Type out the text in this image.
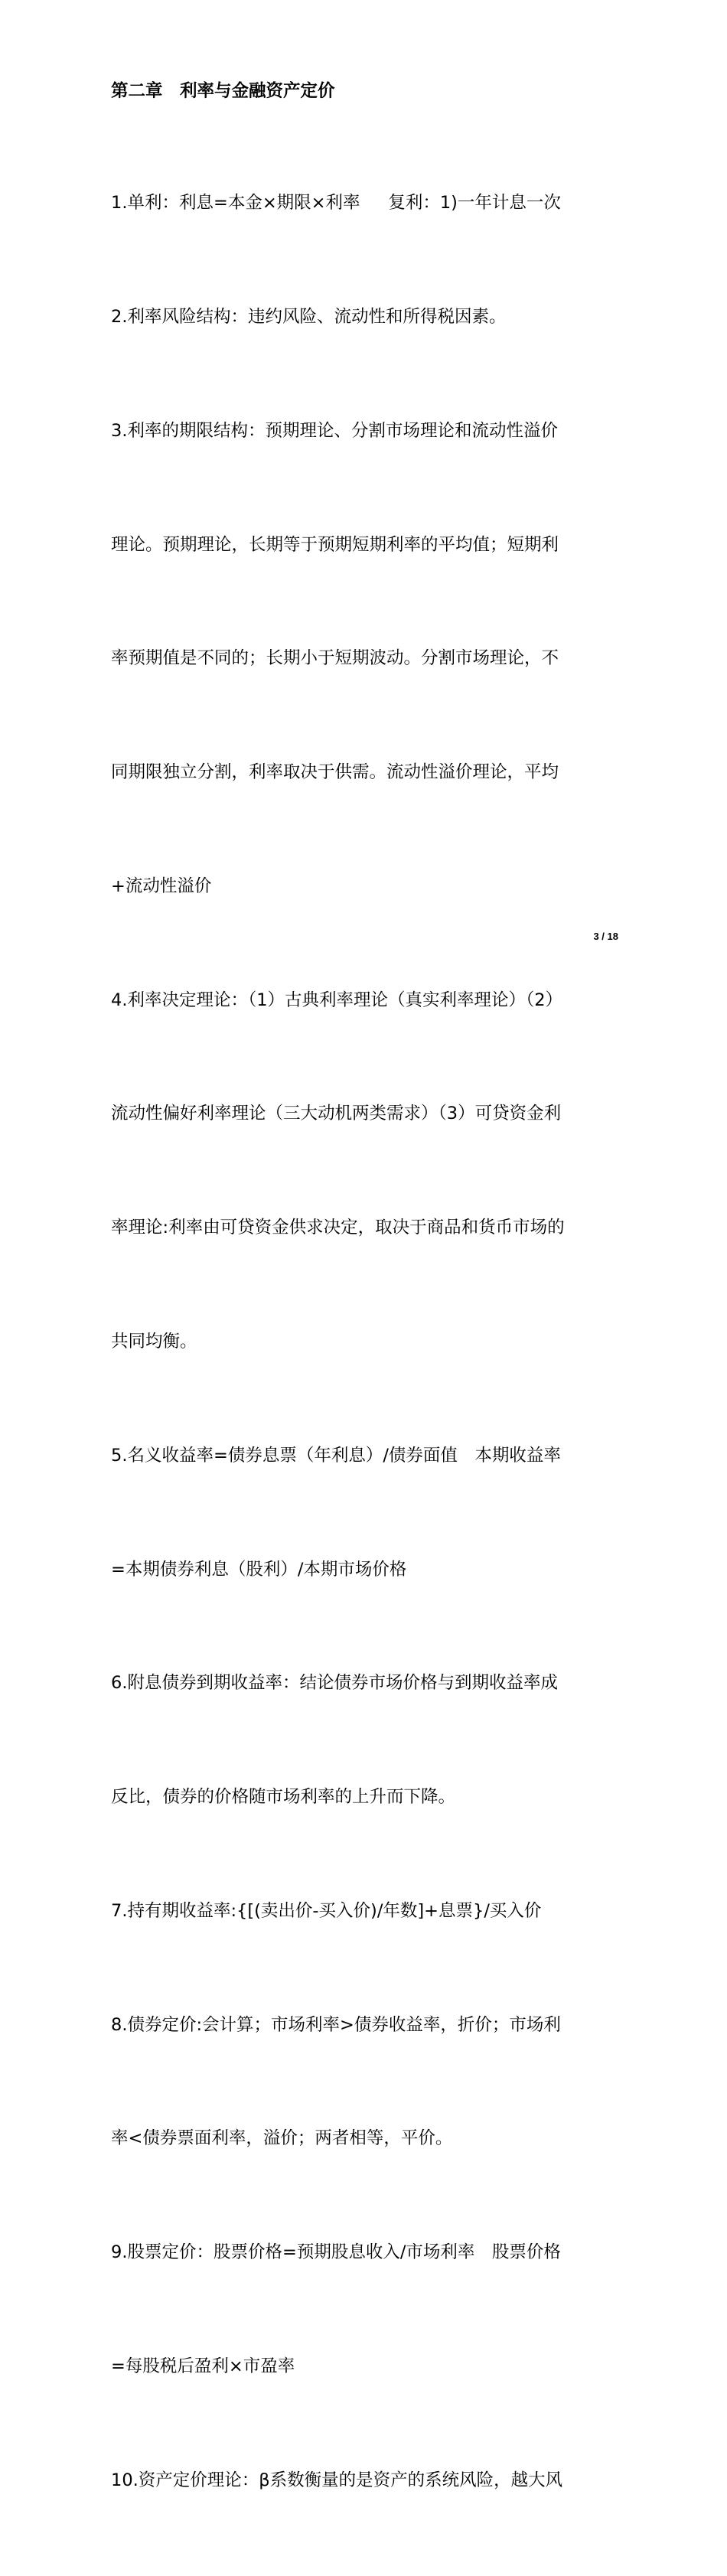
第二章　利率与金融资产定价

1.单利：利息=本金×期限×利率　  复利：1)一年计息一次

2.利率风险结构：违约风险、流动性和所得税因素。

3.利率的期限结构：预期理论、分割市场理论和流动性溢价

理论。预期理论，长期等于预期短期利率的平均值；短期利

率预期值是不同的；长期小于短期波动。分割市场理论，不

同期限独立分割，利率取决于供需。流动性溢价理论，平均

+流动性溢价

4.利率决定理论：（1）古典利率理论（真实利率理论）（2）

流动性偏好利率理论（三大动机两类需求）（3）可贷资金利

率理论:利率由可贷资金供求决定，取决于商品和货币市场的

共同均衡。

5.名义收益率=债券息票（年利息）/债券面值　本期收益率

=本期债券利息（股利）/本期市场价格

6.附息债券到期收益率：结论债券市场价格与到期收益率成

反比，债券的价格随市场利率的上升而下降。

7.持有期收益率:{[(卖出价-买入价)/年数]+息票}/买入价

8.债券定价:会计算；市场利率>债券收益率，折价；市场利

率<债券票面利率，溢价；两者相等，平价。

9.股票定价：股票价格=预期股息收入/市场利率　股票价格

=每股税后盈利×市盈率

10.资产定价理论：β系数衡量的是资产的系统风险，越大风

3 / 18
